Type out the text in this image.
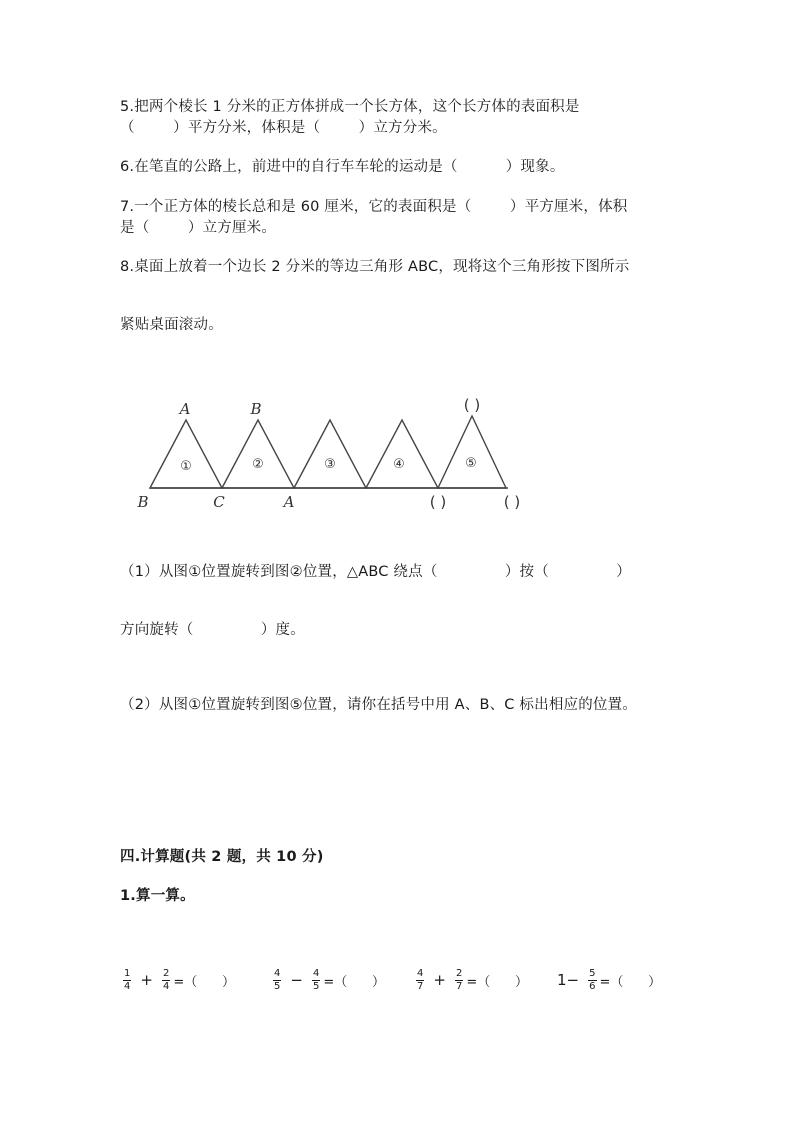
5.把两个棱长 1 分米的正方体拼成一个长方体，这个长方体的表面积是
（        ）平方分米，体积是（        ）立方分米。
6.在笔直的公路上，前进中的自行车车轮的运动是（          ）现象。
7.一个正方体的棱长总和是 60 厘米，它的表面积是（        ）平方厘米，体积
是（        ）立方厘米。
8.桌面上放着一个边长 2 分米的等边三角形 ABC，现将这个三角形按下图所示
紧贴桌面滚动。
①	②	③	④	⑤
A	B
B	C	A
( )
( )	( )
（1）从图①位置旋转到图②位置，△ABC 绕点（              ）按（              ）
方向旋转（              ）度。
（2）从图①位置旋转到图⑤位置，请你在括号中用 A、B、C 标出相应的位置。
四.计算题(共 2 题，共 10 分)
1.算一算。
$\frac{1}{4} + \frac{2}{4}$ =（      ）	$\frac{4}{5} - \frac{4}{5}$ =（      ）	$\frac{4}{7} + \frac{2}{7}$ =（      ） $1- \frac{5}{6}$ =（      ）
